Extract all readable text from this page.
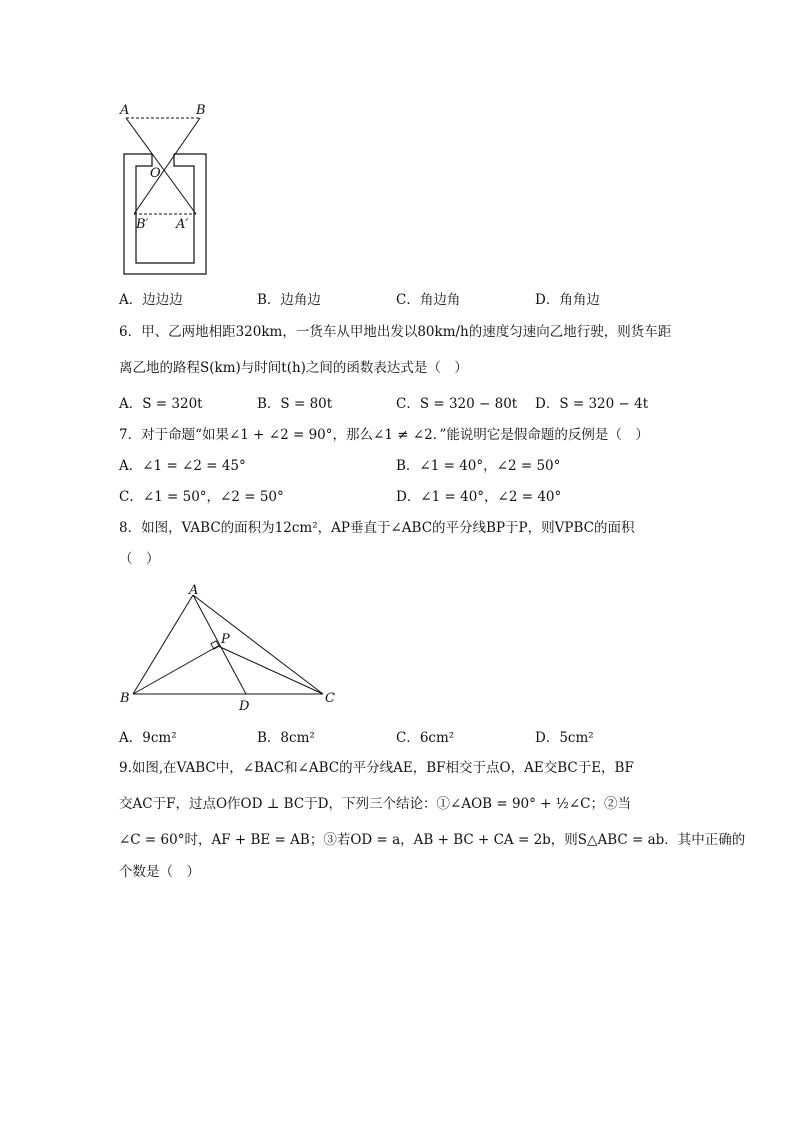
A	B
O
B′ A′
A．边边边	B．边角边	C．角边角	D．角角边
6．甲、乙两地相距320km，一货车从甲地出发以80km/h的速度匀速向乙地行驶，则货车距
离乙地的路程S(km)与时间t(h)之间的函数表达式是（　）
A．S = 320t	B．S = 80t	C．S = 320 − 80t D．S = 320 − 4t
7．对于命题“如果∠1 + ∠2 = 90°，那么∠1 ≠ ∠2．”能说明它是假命题的反例是（　）
A．∠1 = ∠2 = 45°	B．∠1 = 40°，∠2 = 50°
C．∠1 = 50°，∠2 = 50°	D．∠1 = 40°，∠2 = 40°
8．如图，VABC的面积为12cm²，AP垂直于∠ABC的平分线BP于P，则VPBC的面积
（　）
A
P
B
D
C
A．9cm²	B．8cm²	C．6cm²	D．5cm²
9.如图,在VABC中，∠BAC和∠ABC的平分线AE，BF相交于点O，AE交BC于E，BF
交AC于F，过点O作OD ⊥ BC于D，下列三个结论：①∠AOB = 90° + ½∠C；②当
∠C = 60°时，AF + BE = AB；③若OD = a，AB + BC + CA = 2b，则S△ABC = ab．其中正确的
个数是（　）
